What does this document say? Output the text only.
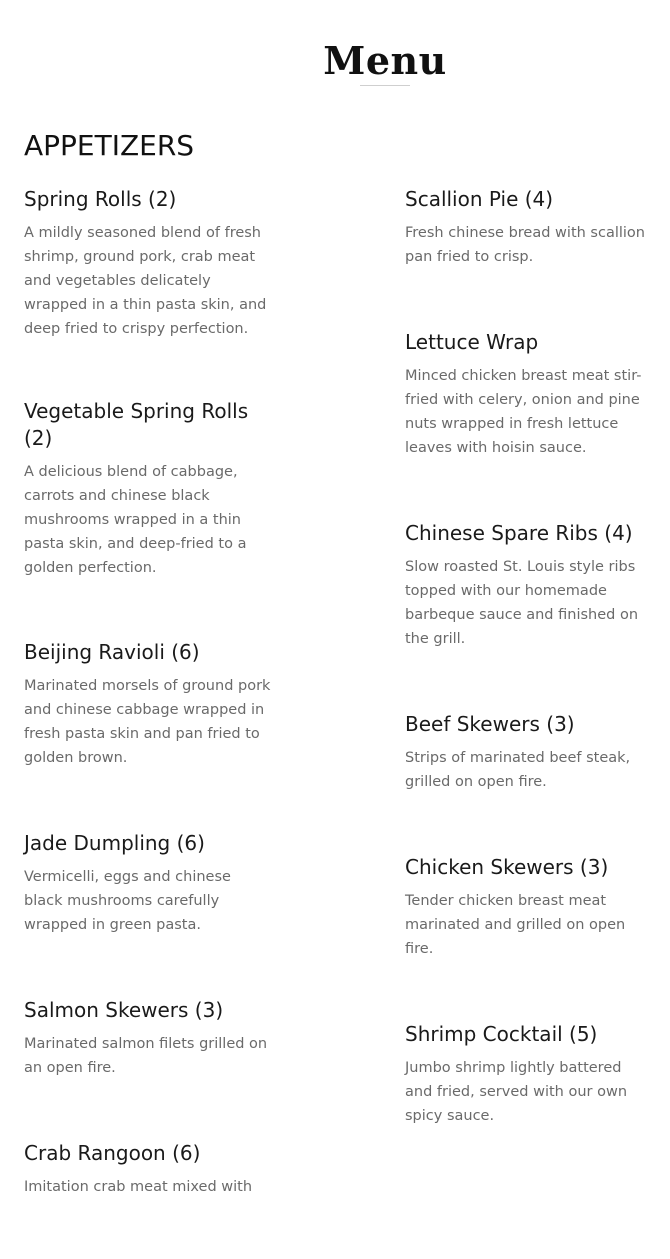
Menu
APPETIZERS
Spring Rolls (2)

A mildly seasoned blend of fresh shrimp, ground pork, crab meat and vegetables delicately wrapped in a thin pasta skin, and deep fried to crispy perfection.

Vegetable Spring Rolls (2)

A delicious blend of cabbage, carrots and chinese black mushrooms wrapped in a thin pasta skin, and deep-fried to a golden perfection.

Beijing Ravioli (6)

Marinated morsels of ground pork and chinese cabbage wrapped in fresh pasta skin and pan fried to golden brown.

Jade Dumpling (6)

Vermicelli, eggs and chinese black mushrooms carefully wrapped in green pasta.

Salmon Skewers (3)

Marinated salmon filets grilled on an open fire.

Crab Rangoon (6)

Imitation crab meat mixed with

Scallion Pie (4)

Fresh chinese bread with scallion pan fried to crisp.

Lettuce Wrap

Minced chicken breast meat stir-fried with celery, onion and pine nuts wrapped in fresh lettuce leaves with hoisin sauce.

Chinese Spare Ribs (4)

Slow roasted St. Louis style ribs topped with our homemade barbeque sauce and finished on the grill.

Beef Skewers (3)

Strips of marinated beef steak, grilled on open fire.

Chicken Skewers (3)

Tender chicken breast meat marinated and grilled on open fire.

Shrimp Cocktail (5)

Jumbo shrimp lightly battered and fried, served with our own spicy sauce.
